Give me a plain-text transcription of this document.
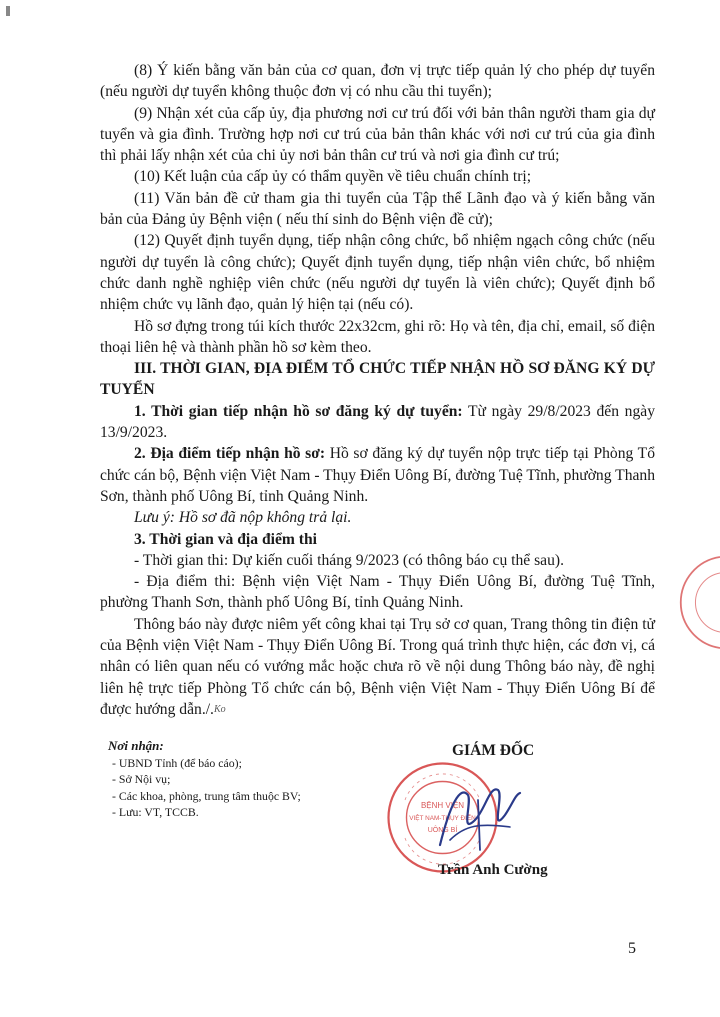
(8) Ý kiến bằng văn bản của cơ quan, đơn vị trực tiếp quản lý cho phép dự tuyển (nếu người dự tuyển không thuộc đơn vị có nhu cầu thi tuyển);

(9) Nhận xét của cấp ủy, địa phương nơi cư trú đối với bản thân người tham gia dự tuyển và gia đình. Trường hợp nơi cư trú của bản thân khác với nơi cư trú của gia đình thì phải lấy nhận xét của chi ủy nơi bản thân cư trú và nơi gia đình cư trú;

(10) Kết luận của cấp ủy có thẩm quyền về tiêu chuẩn chính trị;

(11) Văn bản đề cử tham gia thi tuyển của Tập thể Lãnh đạo và ý kiến bằng văn bản của Đảng ủy Bệnh viện ( nếu thí sinh do Bệnh viện đề cử);

(12) Quyết định tuyển dụng, tiếp nhận công chức, bổ nhiệm ngạch công chức (nếu người dự tuyển là công chức); Quyết định tuyển dụng, tiếp nhận viên chức, bổ nhiệm chức danh nghề nghiệp viên chức (nếu người dự tuyển là viên chức); Quyết định bổ nhiệm chức vụ lãnh đạo, quản lý hiện tại (nếu có).

Hồ sơ đựng trong túi kích thước 22x32cm, ghi rõ: Họ và tên, địa chỉ, email, số điện thoại liên hệ và thành phần hồ sơ kèm theo.

III. THỜI GIAN, ĐỊA ĐIỂM TỔ CHỨC TIẾP NHẬN HỒ SƠ ĐĂNG KÝ DỰ TUYỂN

1. Thời gian tiếp nhận hồ sơ đăng ký dự tuyển: Từ ngày 29/8/2023 đến ngày 13/9/2023.

2. Địa điểm tiếp nhận hồ sơ: Hồ sơ đăng ký dự tuyển nộp trực tiếp tại Phòng Tổ chức cán bộ, Bệnh viện Việt Nam - Thụy Điển Uông Bí, đường Tuệ Tĩnh, phường Thanh Sơn, thành phố Uông Bí, tỉnh Quảng Ninh.

Lưu ý: Hồ sơ đã nộp không trả lại.

3. Thời gian và địa điểm thi

- Thời gian thi: Dự kiến cuối tháng 9/2023 (có thông báo cụ thể sau).

- Địa điểm thi: Bệnh viện Việt Nam - Thụy Điển Uông Bí, đường Tuệ Tĩnh, phường Thanh Sơn, thành phố Uông Bí, tỉnh Quảng Ninh.

Thông báo này được niêm yết công khai tại Trụ sở cơ quan, Trang thông tin điện tử của Bệnh viện Việt Nam - Thụy Điển Uông Bí. Trong quá trình thực hiện, các đơn vị, cá nhân có liên quan nếu có vướng mắc hoặc chưa rõ về nội dung Thông báo này, đề nghị liên hệ trực tiếp Phòng Tổ chức cán bộ, Bệnh viện Việt Nam - Thụy Điển Uông Bí để được hướng dẫn./.$^{Ko}$

Nơi nhận:
- UBND Tỉnh (để báo cáo);
- Sở Nội vụ;
- Các khoa, phòng, trung tâm thuộc BV;
- Lưu: VT, TCCB.
GIÁM ĐỐC
BỆNH VIỆN
VIỆT NAM-THỤY ĐIỂN
UÔNG BÍ
Trần Anh Cường
5
